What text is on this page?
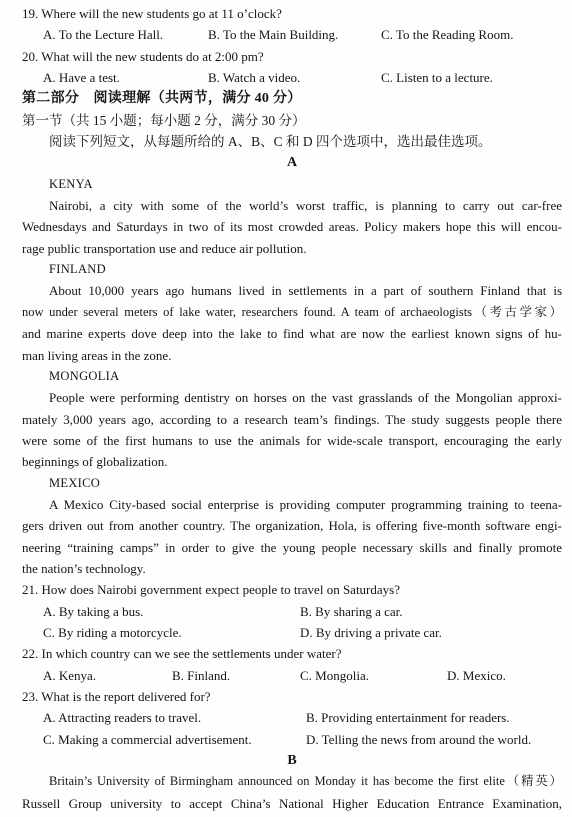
19. Where will the new students go at 11 o’clock?
A. To the Lecture Hall.	B. To the Main Building.	C. To the Reading Room.
20. What will the new students do at 2:00 pm?
A. Have a test.	B. Watch a video.	C. Listen to a lecture.
第二部分　阅读理解（共两节，满分 40 分）
第一节（共 15 小题；每小题 2 分，满分 30 分）
阅读下列短文，从每题所给的 A、B、C 和 D 四个选项中，选出最佳选项。
A
KENYA
Nairobi, a city with some of the world’s worst traffic, is planning to carry out car-free
Wednesdays and Saturdays in two of its most crowded areas. Policy makers hope this will encou-
rage public transportation use and reduce air pollution.
FINLAND
About 10,000 years ago humans lived in settlements in a part of southern Finland that is
now under several meters of lake water, researchers found. A team of archaeologists（考古学家）
and marine experts dove deep into the lake to find what are now the earliest known signs of hu-
man living areas in the zone.
MONGOLIA
People were performing dentistry on horses on the vast grasslands of the Mongolian approxi-
mately 3,000 years ago, according to a research team’s findings. The study suggests people there
were some of the first humans to use the animals for wide-scale transport, encouraging the early
beginnings of globalization.
MEXICO
A Mexico City-based social enterprise is providing computer programming training to teena-
gers driven out from another country. The organization, Hola, is offering five-month software engi-
neering “training camps” in order to give the young people necessary skills and finally promote
the nation’s technology.
21. How does Nairobi government expect people to travel on Saturdays?
A. By taking a bus.	B. By sharing a car.
C. By riding a motorcycle.	D. By driving a private car.
22. In which country can we see the settlements under water?
A. Kenya.	B. Finland.	C. Mongolia.	D. Mexico.
23. What is the report delivered for?
A. Attracting readers to travel.	B. Providing entertainment for readers.
C. Making a commercial advertisement.	D. Telling the news from around the world.
B
Britain’s University of Birmingham announced on Monday it has become the first elite（精英）
Russell Group university to accept China’s National Higher Education Entrance Examination,
